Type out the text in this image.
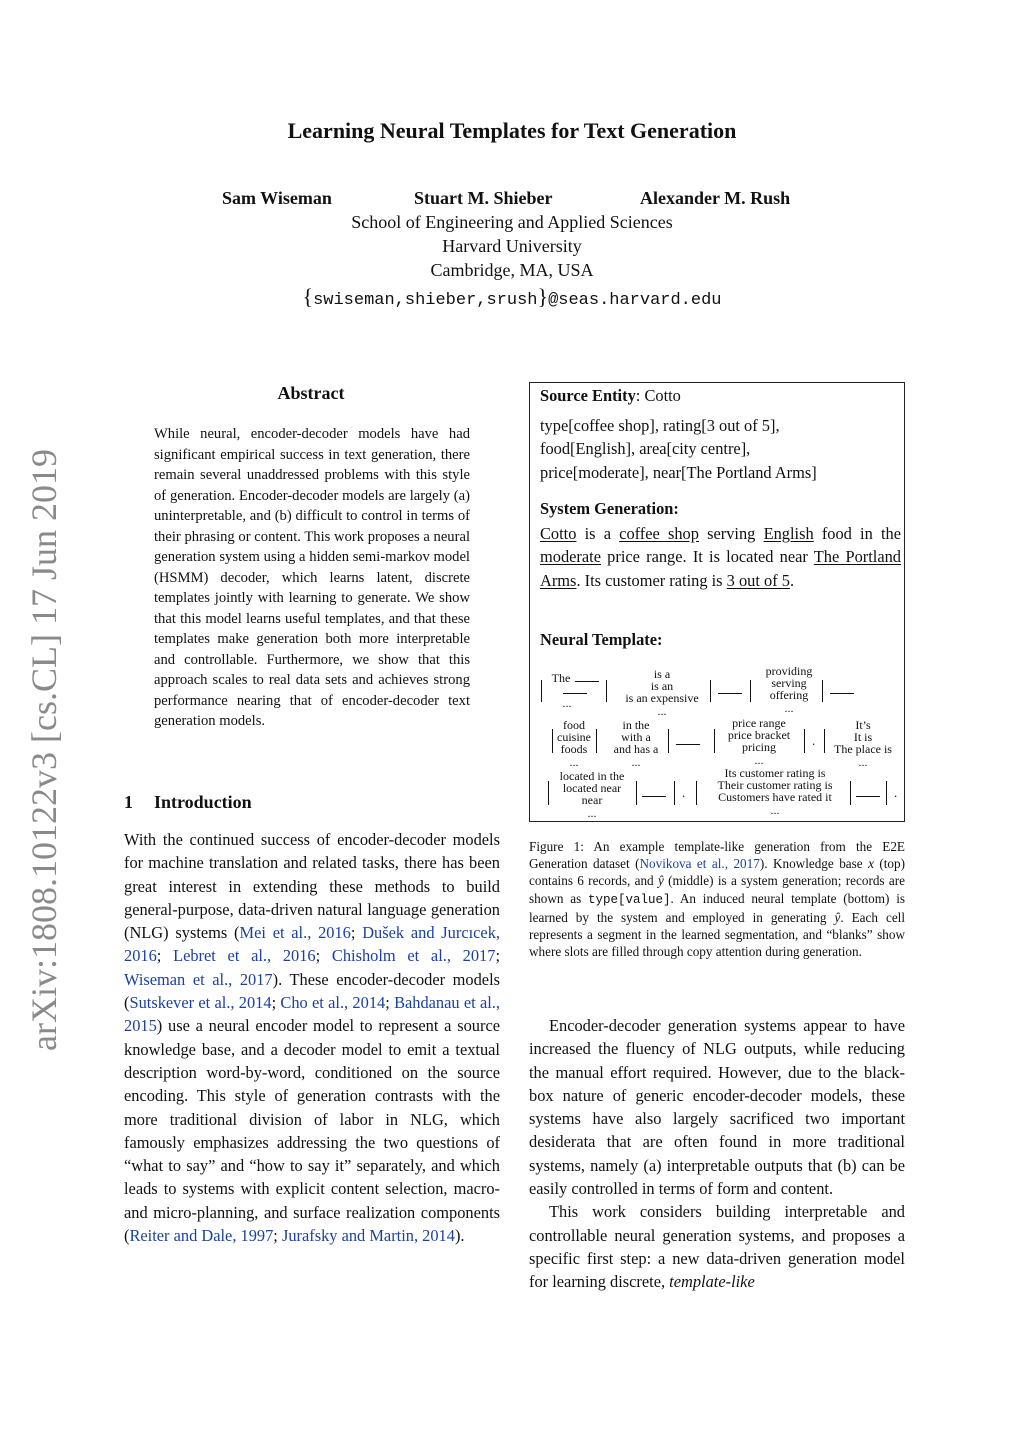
Learning Neural Templates for Text Generation
Sam Wiseman	Stuart M. Shieber	Alexander M. Rush
School of Engineering and Applied Sciences
Harvard University
Cambridge, MA, USA
{swiseman,shieber,srush}@seas.harvard.edu
arXiv:1808.10122v3 [cs.CL] 17 Jun 2019
Abstract
While neural, encoder-decoder models have had significant empirical success in text generation, there remain several unaddressed problems with this style of generation. Encoder-decoder models are largely (a) uninterpretable, and (b) difficult to control in terms of their phrasing or content. This work proposes a neural generation system using a hidden semi-markov model (HSMM) decoder, which learns latent, discrete templates jointly with learning to generate. We show that this model learns useful templates, and that these templates make generation both more interpretable and controllable. Furthermore, we show that this approach scales to real data sets and achieves strong performance nearing that of encoder-decoder text generation models.
1 Introduction
With the continued success of encoder-decoder models for machine translation and related tasks, there has been great interest in extending these methods to build general-purpose, data-driven natural language generation (NLG) systems (Mei et al., 2016; Dušek and Jurcıcek, 2016; Lebret et al., 2016; Chisholm et al., 2017; Wiseman et al., 2017). These encoder-decoder models (Sutskever et al., 2014; Cho et al., 2014; Bahdanau et al., 2015) use a neural encoder model to represent a source knowledge base, and a decoder model to emit a textual description word-by-word, conditioned on the source encoding. This style of generation contrasts with the more traditional division of labor in NLG, which famously emphasizes addressing the two questions of “what to say” and “how to say it” separately, and which leads to systems with explicit content selection, macro- and micro-planning, and surface realization components (Reiter and Dale, 1997; Jurafsky and Martin, 2014).
Source Entity: Cotto
type[coffee shop], rating[3 out of 5],
food[English], area[city centre],
price[moderate], near[The Portland Arms]
System Generation:
Cotto is a coffee shop serving English food in the moderate price range. It is located near The Portland Arms. Its customer rating is 3 out of 5.
Neural Template:
The
...
is a
is an
is an expensive
...
providing
serving
offering
...
food
cuisine
foods
...
in the
with a
and has a
...
price range
price bracket
pricing
...
.
It’s
It is
The place is
...
located in the
located near
near
...
.
Its customer rating is
Their customer rating is
Customers have rated it
...
.
Figure 1: An example template-like generation from the E2E Generation dataset (Novikova et al., 2017). Knowledge base x (top) contains 6 records, and ŷ (middle) is a system generation; records are shown as type[value]. An induced neural template (bottom) is learned by the system and employed in generating ŷ. Each cell represents a segment in the learned segmentation, and “blanks” show where slots are filled through copy attention during generation.

Encoder-decoder generation systems appear to have increased the fluency of NLG outputs, while reducing the manual effort required. However, due to the black-box nature of generic encoder-decoder models, these systems have also largely sacrificed two important desiderata that are often found in more traditional systems, namely (a) interpretable outputs that (b) can be easily controlled in terms of form and content.

This work considers building interpretable and controllable neural generation systems, and proposes a specific first step: a new data-driven generation model for learning discrete, template-like
